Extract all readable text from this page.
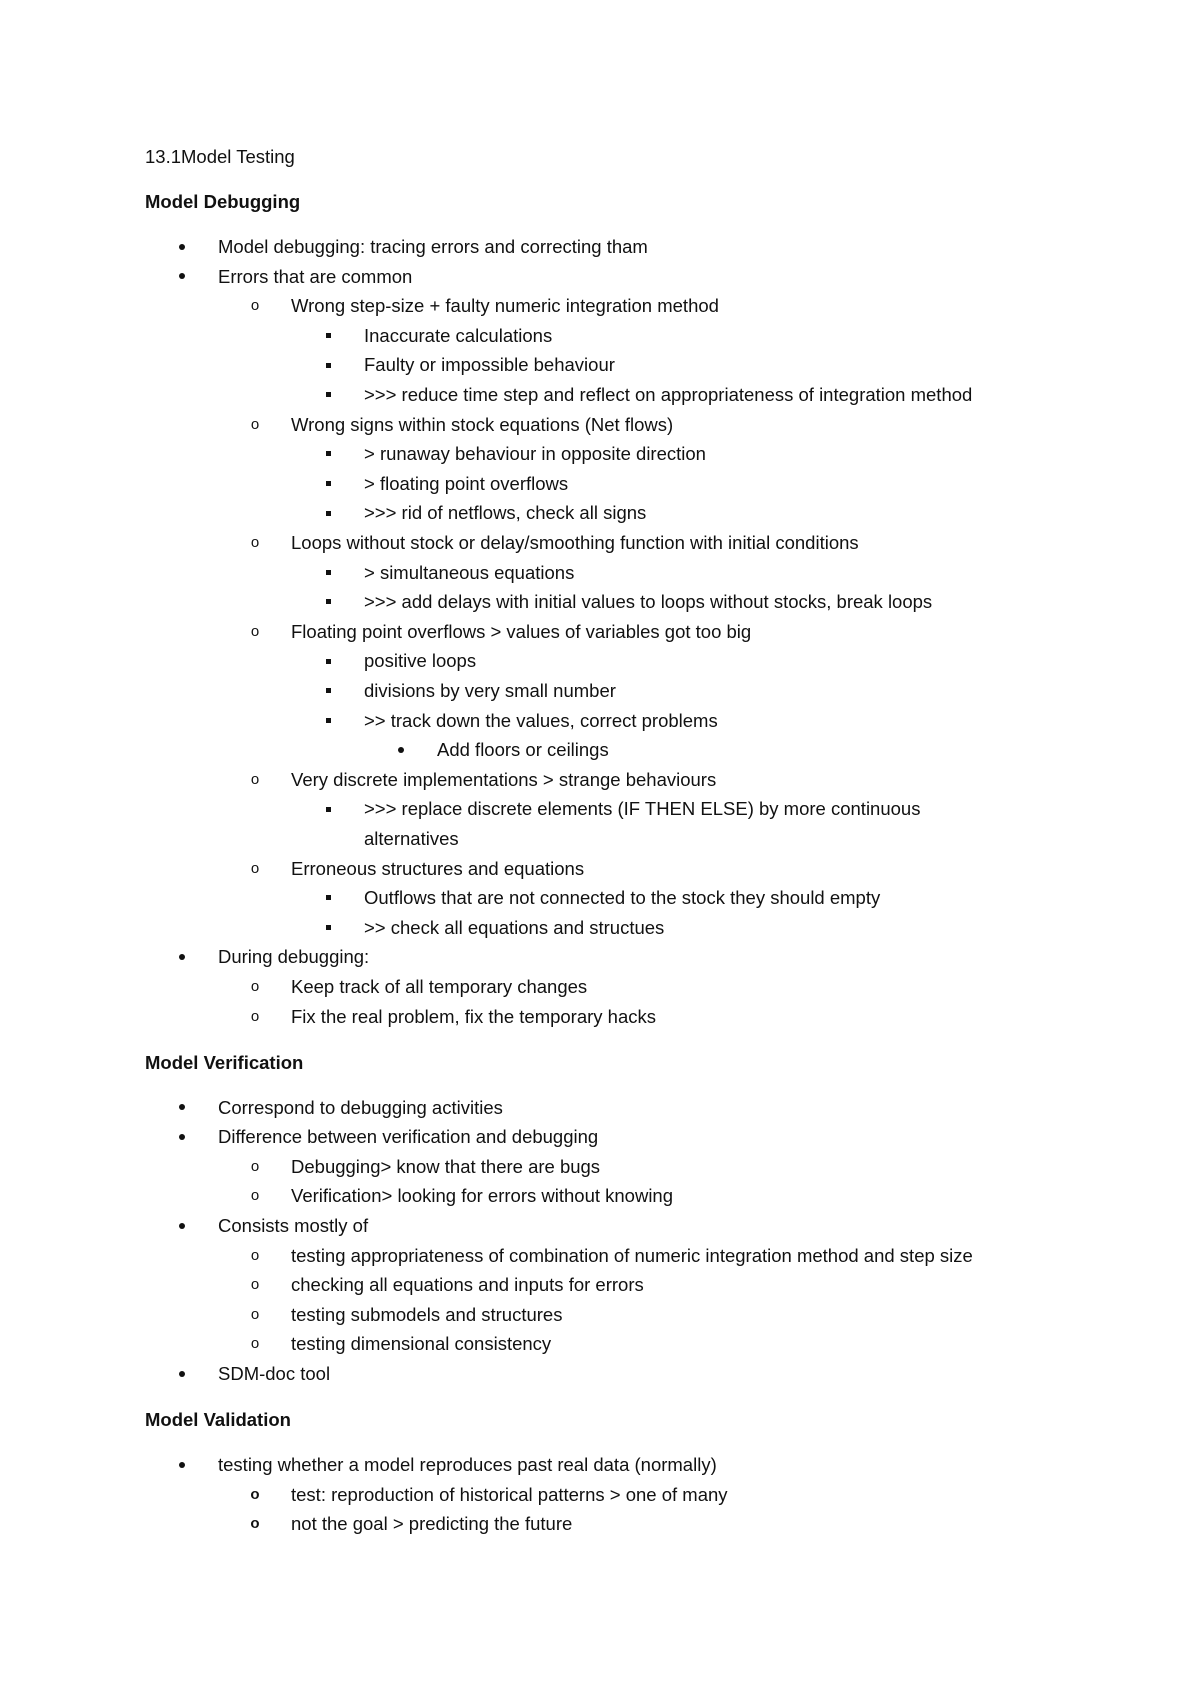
13.1Model Testing
Model Debugging
Model debugging: tracing errors and correcting tham
Errors that are common
o Wrong step-size + faulty numeric integration method
Inaccurate calculations
Faulty or impossible behaviour
>>> reduce time step and reflect on appropriateness of integration method
o Wrong signs within stock equations (Net flows)
> runaway behaviour in opposite direction
> floating point overflows
>>> rid of netflows, check all signs
o Loops without stock or delay/smoothing function with initial conditions
> simultaneous equations
>>> add delays with initial values to loops without stocks, break loops
o Floating point overflows > values of variables got too big
positive loops
divisions by very small number
>> track down the values, correct problems
Add floors or ceilings
o Very discrete implementations > strange behaviours
>>> replace discrete elements (IF THEN ELSE) by more continuous
alternatives
o Erroneous structures and equations
Outflows that are not connected to the stock they should empty
>> check all equations and structues
During debugging:
o Keep track of all temporary changes
o Fix the real problem, fix the temporary hacks
Model Verification
Correspond to debugging activities
Difference between verification and debugging
o Debugging> know that there are bugs
o Verification> looking for errors without knowing
Consists mostly of
o testing appropriateness of combination of numeric integration method and step size
o checking all equations and inputs for errors
o testing submodels and structures
o testing dimensional consistency
SDM-doc tool
Model Validation
testing whether a model reproduces past real data (normally)
o test: reproduction of historical patterns > one of many
o not the goal > predicting the future
